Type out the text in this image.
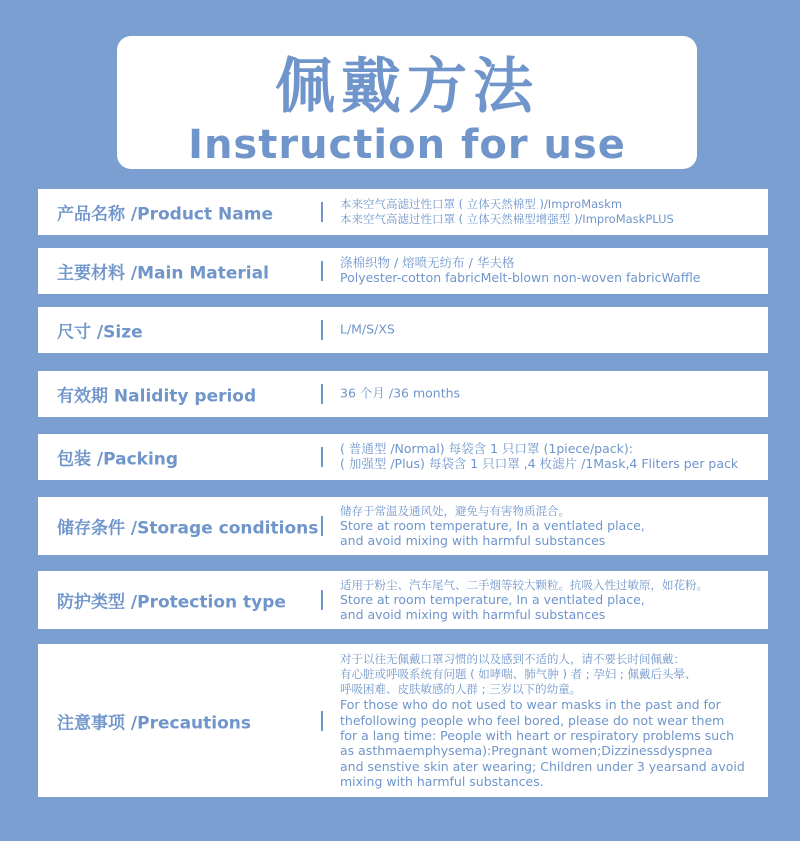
佩戴方法
Instruction for use
产品名称 /Product Name
本来空气高滤过性口罩 ( 立体天然棉型 )/ImproMaskm
本来空气高滤过性口罩 ( 立体天然棉型增强型 )/ImproMaskPLUS
主要材料 /Main Material
涤棉织物 / 熔喷无纺布 / 华夫格
Polyester-cotton fabricMelt-blown non-woven fabricWaffle
尺寸 /Size	L/M/S/XS
有效期 Nalidity period	36 个月 /36 months
包装 /Packing
( 普通型 /Normal) 每袋含 1 只口罩 (1piece/pack):
( 加强型 /Plus) 每袋含 1 只口罩 ,4 枚滤片 /1Mask,4 Fliters per pack
储存条件 /Storage conditions
储存于常温及通风处，避免与有害物质混合。
Store at room temperature, In a ventlated place,
and avoid mixing with harmful substances
防护类型 /Protection type
适用于粉尘、汽车尾气、二手烟等较大颗粒。抗吸入性过敏原，如花粉。
Store at room temperature, In a ventlated place,
and avoid mixing with harmful substances
注意事项 /Precautions
对于以往无佩戴口罩习惯的以及感到不适的人，请不要长时间佩戴：
有心脏或呼吸系统有问题 ( 如哮喘、肺气肿 ) 者 ; 孕妇 ; 佩戴后头晕、
呼吸困难、皮肤敏感的人群 ; 三岁以下的幼童。
For those who do not used to wear masks in the past and for
thefollowing people who feel bored, please do not wear them
for a lang time: People with heart or respiratory problems such
as asthmaemphysema):Pregnant women;Dizzinessdyspnea
and senstive skin ater wearing; Children under 3 yearsand avoid
mixing with harmful substances.
